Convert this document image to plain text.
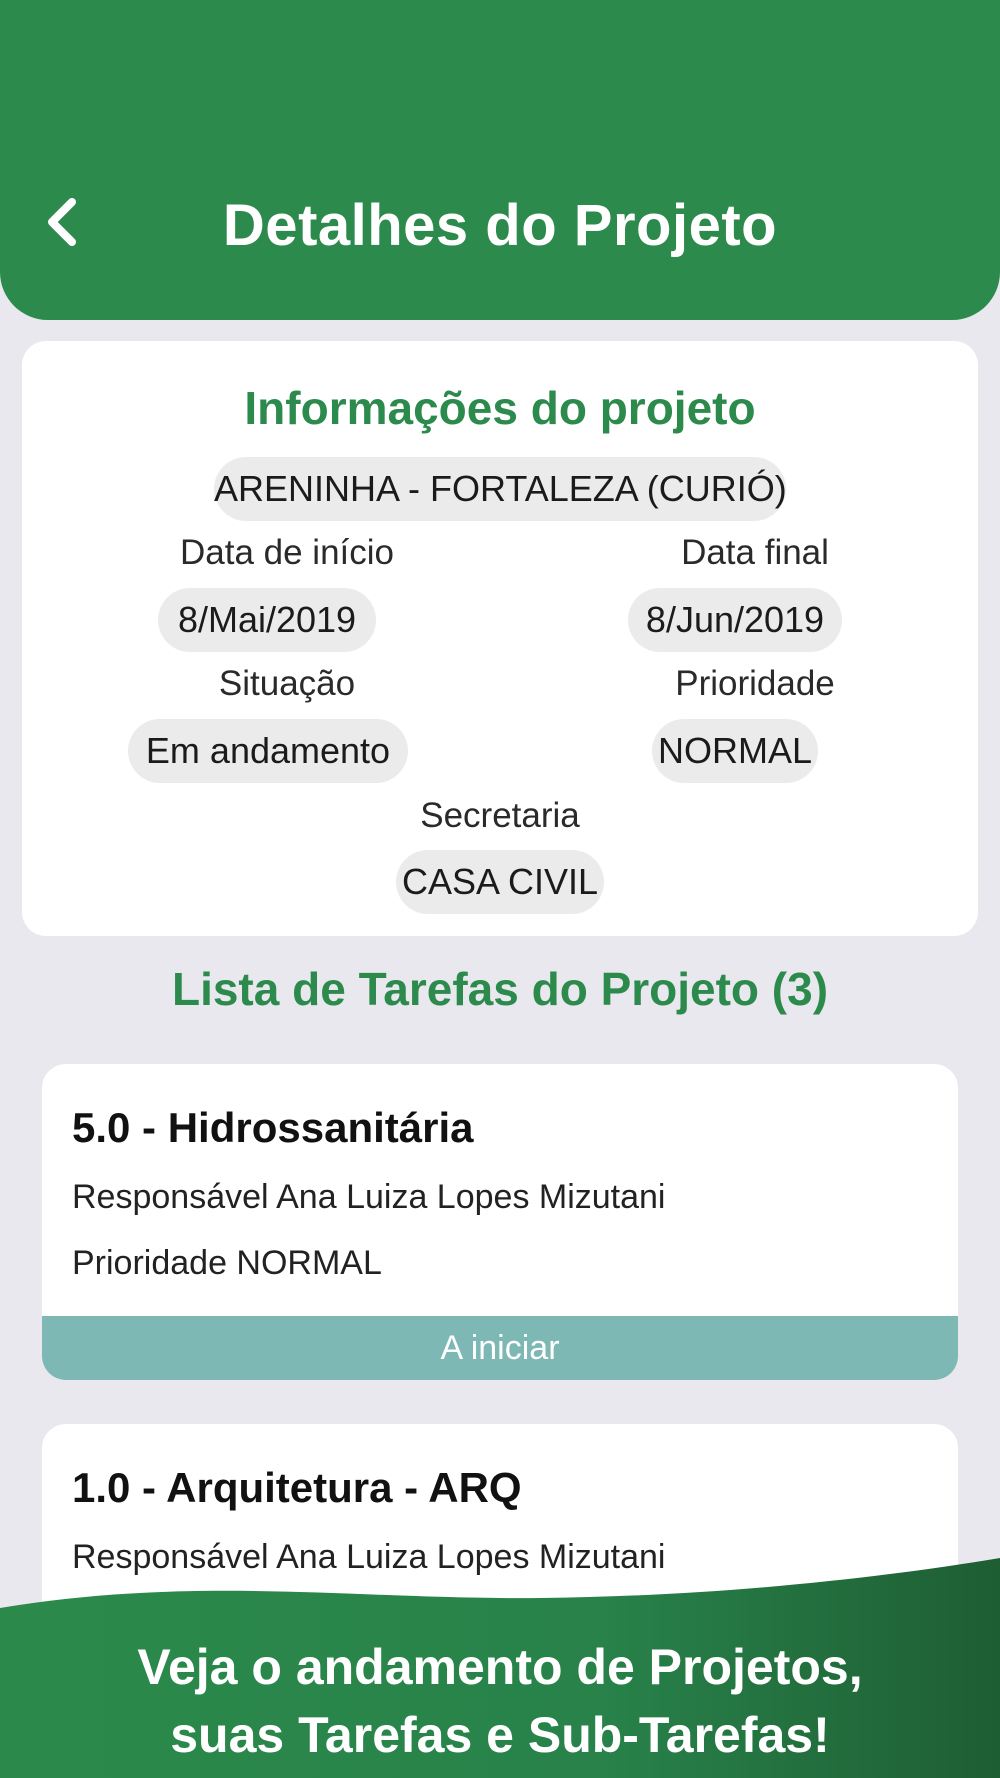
Detalhes do Projeto
Informações do projeto
ARENINHA - FORTALEZA (CURIÓ)
Data de início	Data final
8/Mai/2019	8/Jun/2019
Situação	Prioridade
Em andamento	NORMAL
Secretaria
CASA CIVIL
Lista de Tarefas do Projeto (3)
5.0 - Hidrossanitária
Responsável Ana Luiza Lopes Mizutani
Prioridade NORMAL
A iniciar
1.0 - Arquitetura - ARQ
Responsável Ana Luiza Lopes Mizutani
Veja o andamento de Projetos,
suas Tarefas e Sub-Tarefas!
